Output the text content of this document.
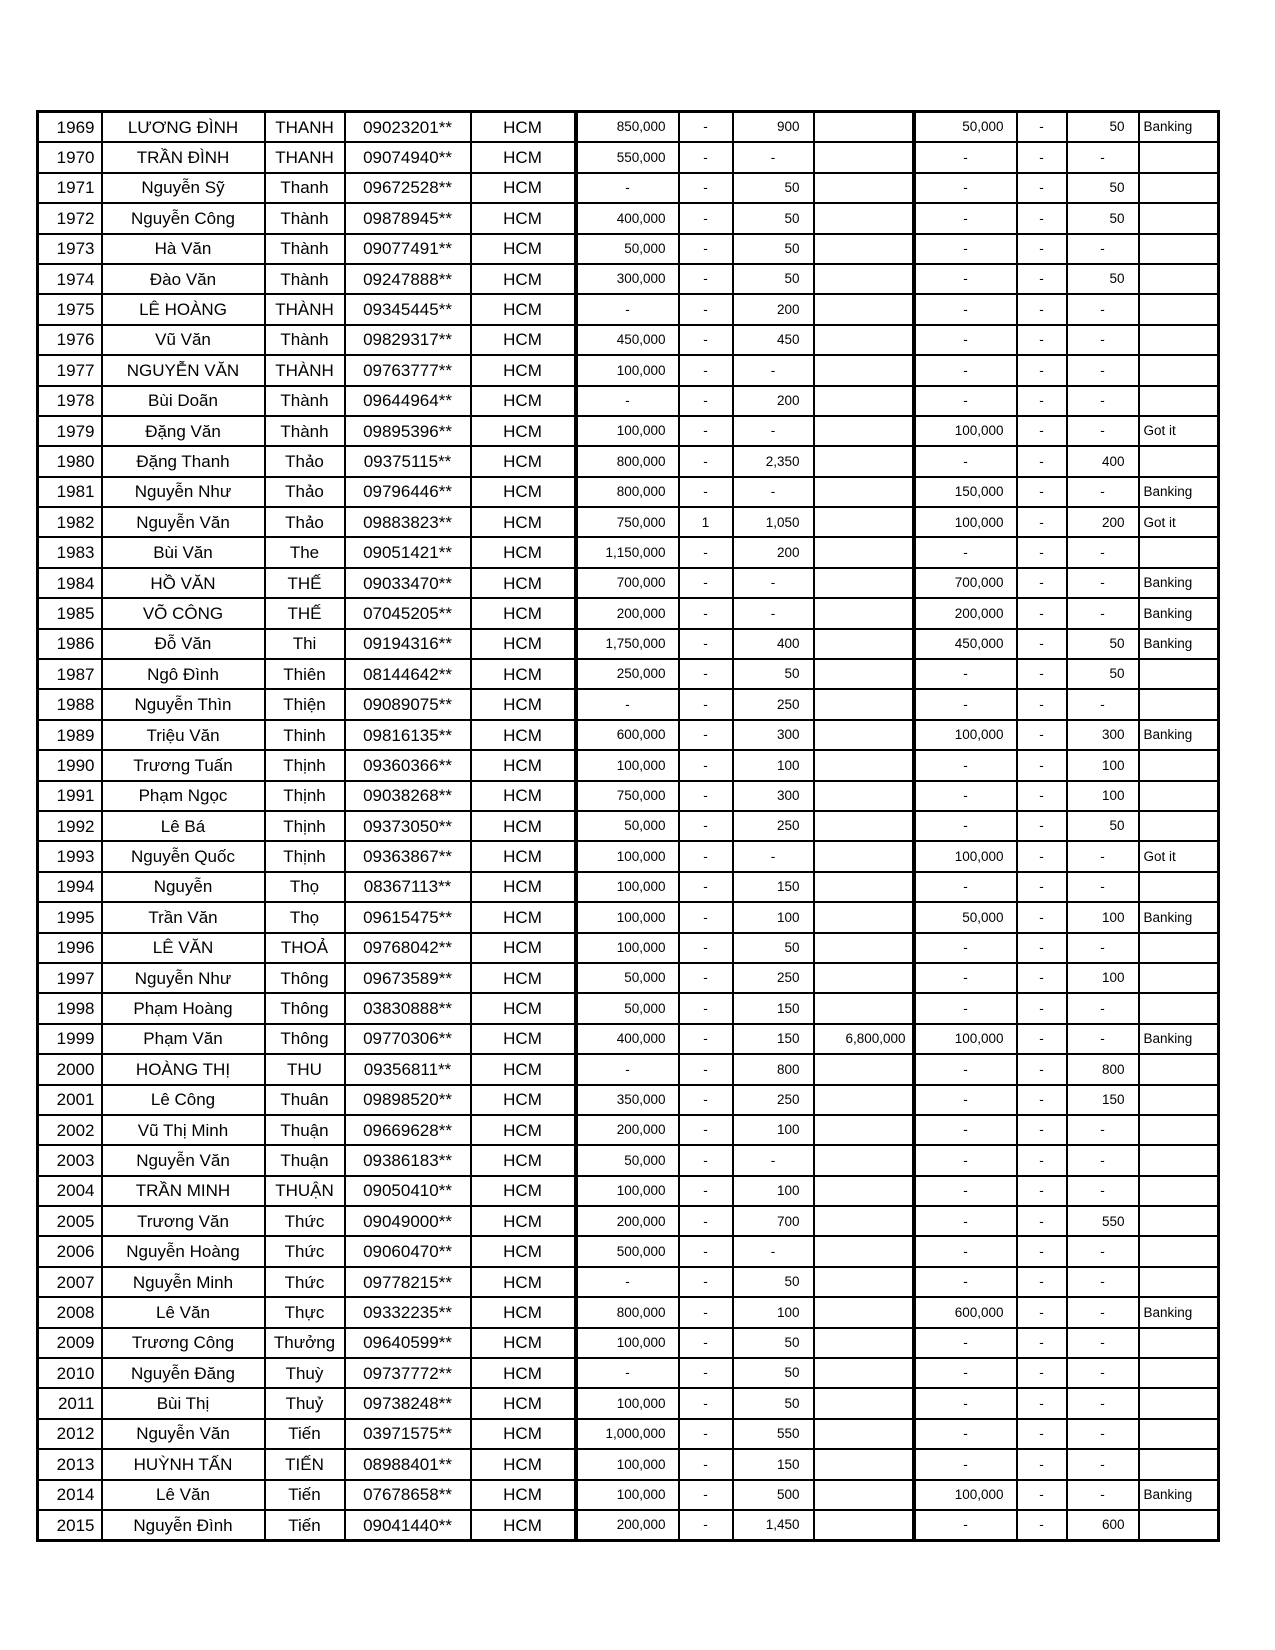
1969	LƯƠNG ĐÌNH	THANH	09023201**	HCM	850,000	-	900		50,000	-	50	Banking
1970	TRẦN ĐÌNH	THANH	09074940**	HCM	550,000	-	-		-	-	-	
1971	Nguyễn Sỹ	Thanh	09672528**	HCM	-	-	50		-	-	50	
1972	Nguyễn Công	Thành	09878945**	HCM	400,000	-	50		-	-	50	
1973	Hà Văn	Thành	09077491**	HCM	50,000	-	50		-	-	-	
1974	Đào Văn	Thành	09247888**	HCM	300,000	-	50		-	-	50	
1975	LÊ HOÀNG	THÀNH	09345445**	HCM	-	-	200		-	-	-	
1976	Vũ Văn	Thành	09829317**	HCM	450,000	-	450		-	-	-	
1977	NGUYỄN VĂN	THÀNH	09763777**	HCM	100,000	-	-		-	-	-	
1978	Bùi Doãn	Thành	09644964**	HCM	-	-	200		-	-	-	
1979	Đặng Văn	Thành	09895396**	HCM	100,000	-	-		100,000	-	-	Got it
1980	Đặng Thanh	Thảo	09375115**	HCM	800,000	-	2,350		-	-	400	
1981	Nguyễn Như	Thảo	09796446**	HCM	800,000	-	-		150,000	-	-	Banking
1982	Nguyễn Văn	Thảo	09883823**	HCM	750,000	1	1,050		100,000	-	200	Got it
1983	Bùi Văn	The	09051421**	HCM	1,150,000	-	200		-	-	-	
1984	HỒ VĂN	THẾ	09033470**	HCM	700,000	-	-		700,000	-	-	Banking
1985	VÕ CÔNG	THẾ	07045205**	HCM	200,000	-	-		200,000	-	-	Banking
1986	Đỗ Văn	Thi	09194316**	HCM	1,750,000	-	400		450,000	-	50	Banking
1987	Ngô Đình	Thiên	08144642**	HCM	250,000	-	50		-	-	50	
1988	Nguyễn Thìn	Thiện	09089075**	HCM	-	-	250		-	-	-	
1989	Triệu Văn	Thinh	09816135**	HCM	600,000	-	300		100,000	-	300	Banking
1990	Trương Tuấn	Thịnh	09360366**	HCM	100,000	-	100		-	-	100	
1991	Phạm Ngọc	Thịnh	09038268**	HCM	750,000	-	300		-	-	100	
1992	Lê Bá	Thịnh	09373050**	HCM	50,000	-	250		-	-	50	
1993	Nguyễn Quốc	Thịnh	09363867**	HCM	100,000	-	-		100,000	-	-	Got it
1994	Nguyễn	Thọ	08367113**	HCM	100,000	-	150		-	-	-	
1995	Trần Văn	Thọ	09615475**	HCM	100,000	-	100		50,000	-	100	Banking
1996	LÊ VĂN	THOẢ	09768042**	HCM	100,000	-	50		-	-	-	
1997	Nguyễn Như	Thông	09673589**	HCM	50,000	-	250		-	-	100	
1998	Phạm Hoàng	Thông	03830888**	HCM	50,000	-	150		-	-	-	
1999	Phạm Văn	Thông	09770306**	HCM	400,000	-	150	6,800,000	100,000	-	-	Banking
2000	HOÀNG THỊ	THU	09356811**	HCM	-	-	800		-	-	800	
2001	Lê Công	Thuân	09898520**	HCM	350,000	-	250		-	-	150	
2002	Vũ Thị Minh	Thuận	09669628**	HCM	200,000	-	100		-	-	-	
2003	Nguyễn Văn	Thuận	09386183**	HCM	50,000	-	-		-	-	-	
2004	TRẦN MINH	THUẬN	09050410**	HCM	100,000	-	100		-	-	-	
2005	Trương Văn	Thức	09049000**	HCM	200,000	-	700		-	-	550	
2006	Nguyễn Hoàng	Thức	09060470**	HCM	500,000	-	-		-	-	-	
2007	Nguyễn Minh	Thức	09778215**	HCM	-	-	50		-	-	-	
2008	Lê Văn	Thực	09332235**	HCM	800,000	-	100		600,000	-	-	Banking
2009	Trương Công	Thưởng	09640599**	HCM	100,000	-	50		-	-	-	
2010	Nguyễn Đăng	Thuỳ	09737772**	HCM	-	-	50		-	-	-	
2011	Bùi Thị	Thuỷ	09738248**	HCM	100,000	-	50		-	-	-	
2012	Nguyễn Văn	Tiến	03971575**	HCM	1,000,000	-	550		-	-	-	
2013	HUỲNH TẤN	TIẾN	08988401**	HCM	100,000	-	150		-	-	-	
2014	Lê Văn	Tiến	07678658**	HCM	100,000	-	500		100,000	-	-	Banking
2015	Nguyễn Đình	Tiến	09041440**	HCM	200,000	-	1,450		-	-	600	
